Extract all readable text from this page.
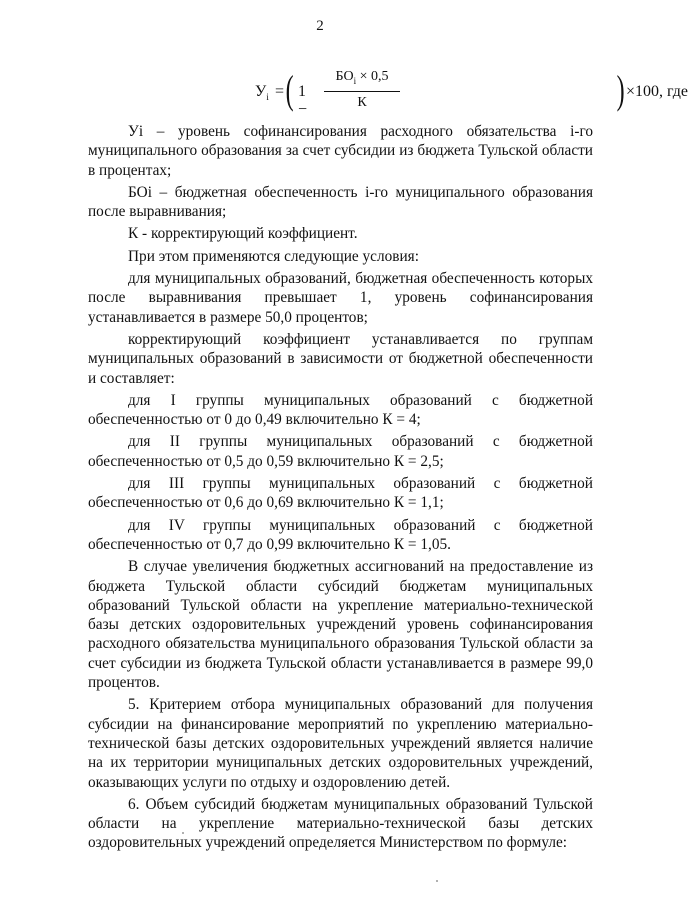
2
$У_i$ = ( 1 −
$БО_i \times 0,5$
К	) ×100, где

Уi – уровень софинансирования расходного обязательства i-го муниципального образования за счет субсидии из бюджета Тульской области в процентах;

БОi – бюджетная обеспеченность i-го муниципального образования после выравнивания;

К - корректирующий коэффициент.

При этом применяются следующие условия:

для муниципальных образований, бюджетная обеспеченность которых после выравнивания превышает 1, уровень софинансирования устанавливается в размере 50,0 процентов;

корректирующий коэффициент устанавливается по группам муниципальных образований в зависимости от бюджетной обеспеченности и составляет:

для I группы муниципальных образований с бюджетной обеспеченностью от 0 до 0,49 включительно К = 4;

для II группы муниципальных образований с бюджетной обеспеченностью от 0,5 до 0,59 включительно К = 2,5;

для III группы муниципальных образований с бюджетной обеспеченностью от 0,6 до 0,69 включительно К = 1,1;

для IV группы муниципальных образований с бюджетной обеспеченностью от 0,7 до 0,99 включительно К = 1,05.

В случае увеличения бюджетных ассигнований на предоставление из бюджета Тульской области субсидий бюджетам муниципальных образований Тульской области на укрепление материально-технической базы детских оздоровительных учреждений уровень софинансирования расходного обязательства муниципального образования Тульской области за счет субсидии из бюджета Тульской области устанавливается в размере 99,0 процентов.

5. Критерием отбора муниципальных образований для получения субсидии на финансирование мероприятий по укреплению материально-технической базы детских оздоровительных учреждений является наличие на их территории муниципальных детских оздоровительных учреждений, оказывающих услуги по отдыху и оздоровлению детей.

6. Объем субсидий бюджетам муниципальных образований Тульской области на укрепление материально-технической базы детских оздоровительных учреждений определяется Министерством по формуле:
